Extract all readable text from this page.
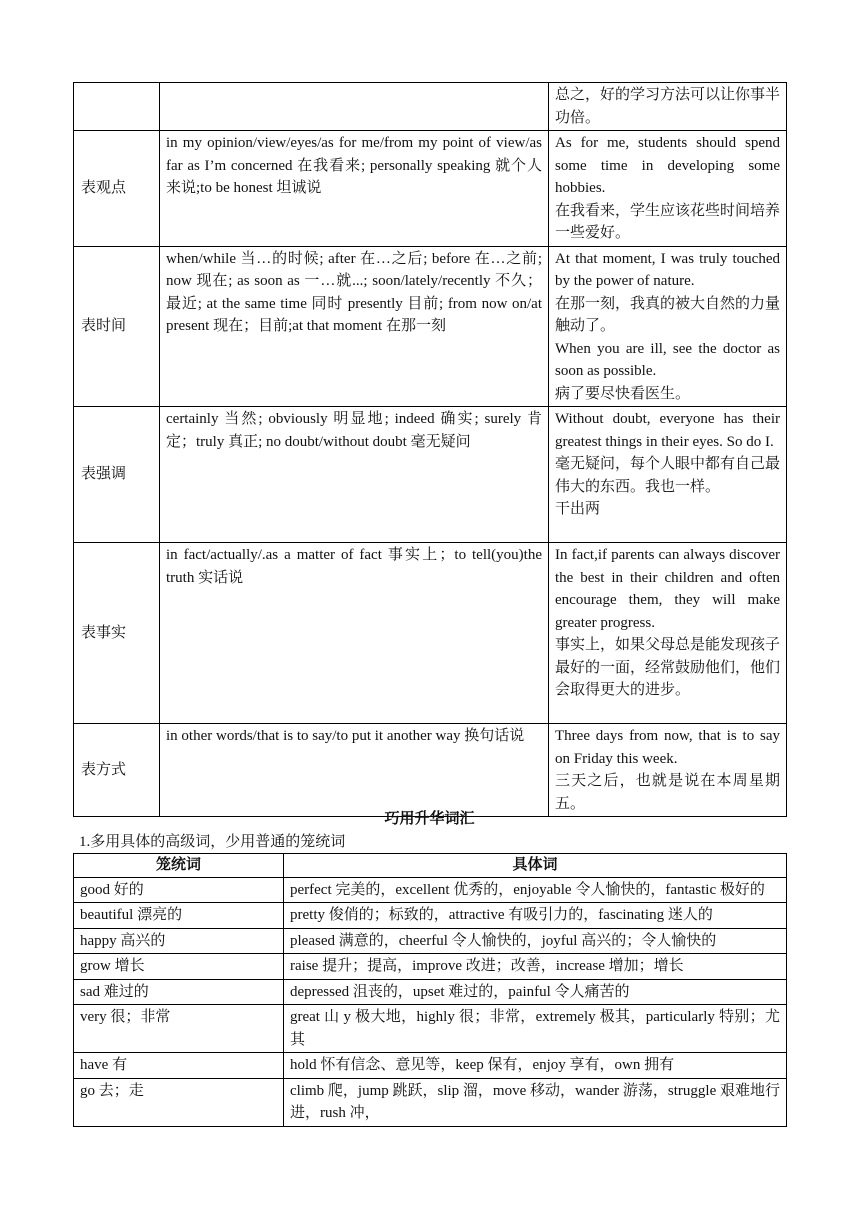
		总之，好的学习方法可以让你事半功倍。

表观点	in my opinion/view/eyes/as for me/from my point of view/as far as I’m concerned 在我看来; personally speaking 就个人来说;to be honest 坦诚说	As for me, students should spend some time in developing some hobbies.
在我看来，学生应该花些时间培养一些爱好。

表时间	when/while 当…的时候; after 在…之后; before 在…之前; now 现在; as soon as 一…就...; soon/lately/recently 不久；最近; at the same time 同时 presently 目前; from now on/at present 现在；目前;at that moment 在那一刻	At that moment, I was truly touched by the power of nature.
在那一刻，我真的被大自然的力量触动了。
When you are ill, see the doctor as soon as possible.
病了要尽快看医生。

表强调	certainly 当然; obviously 明显地; indeed 确实; surely 肯定；truly 真正; no doubt/without doubt 毫无疑问	Without doubt, everyone has their greatest things in their eyes. So do I.
毫无疑问，每个人眼中都有自己最伟大的东西。我也一样。
干出两

表事实	in fact/actually/.as a matter of fact 事实上；to tell(you)the truth 实话说	In fact,if parents can always discover the best in their children and often encourage them, they will make greater progress.
事实上，如果父母总是能发现孩子最好的一面，经常鼓励他们，他们会取得更大的进步。

表方式	in other words/that is to say/to put it another way 换句话说	Three days from now, that is to say on Friday this week.
三天之后，也就是说在本周星期五。
巧用升华词汇
1.多用具体的高级词，少用普通的笼统词
笼统词	具体词
good 好的	perfect 完美的，excellent 优秀的，enjoyable 令人愉快的，fantastic 极好的
beautiful 漂亮的	pretty 俊俏的；标致的，attractive 有吸引力的，fascinating 迷人的
happy 高兴的	pleased 满意的，cheerful 令人愉快的，joyful 高兴的；令人愉快的
grow 增长	raise 提升；提高，improve 改进；改善，increase 增加；增长
sad 难过的	depressed 沮丧的，upset 难过的，painful 令人痛苦的
very 很；非常	great 山 y 极大地，highly 很；非常，extremely 极其，particularly 特别；尤其
have 有	hold 怀有信念、意见等，keep 保有，enjoy 享有，own 拥有
go 去；走	climb 爬，jump 跳跃，slip 溜，move 移动，wander 游荡，struggle 艰难地行进，rush 冲，
